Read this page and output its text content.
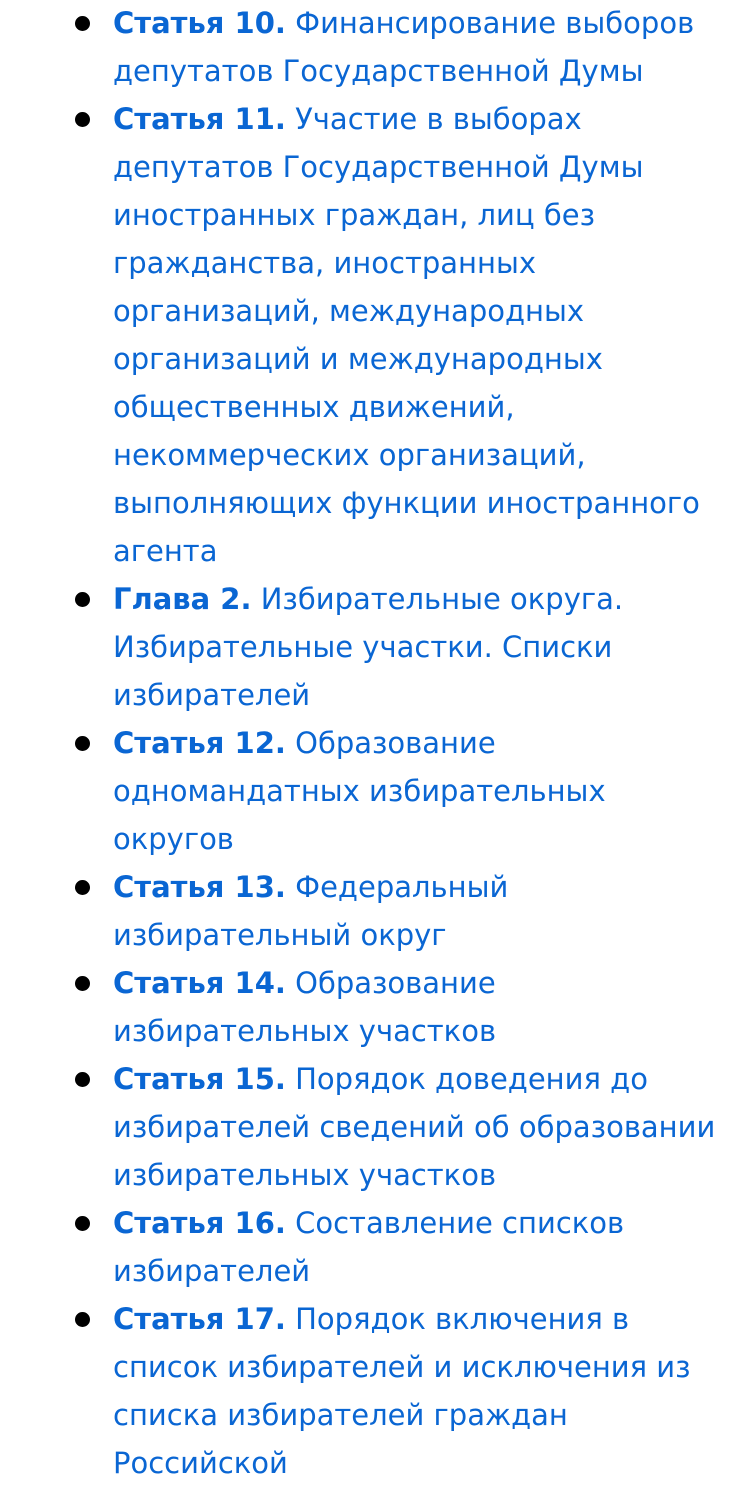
Статья 10. Финансирование выборов депутатов Государственной Думы
Статья 11. Участие в выборах депутатов Государственной Думы иностранных граждан, лиц без гражданства, иностранных организаций, международных организаций и международных общественных движений, некоммерческих организаций, выполняющих функции иностранного агента
Глава 2. Избирательные округа. Избирательные участки. Списки избирателей
Статья 12. Образование одномандатных избирательных округов
Статья 13. Федеральный избирательный округ
Статья 14. Образование избирательных участков
Статья 15. Порядок доведения до избирателей сведений об образовании избирательных участков
Статья 16. Составление списков избирателей
Статья 17. Порядок включения в список избирателей и исключения из списка избирателей граждан Российской
